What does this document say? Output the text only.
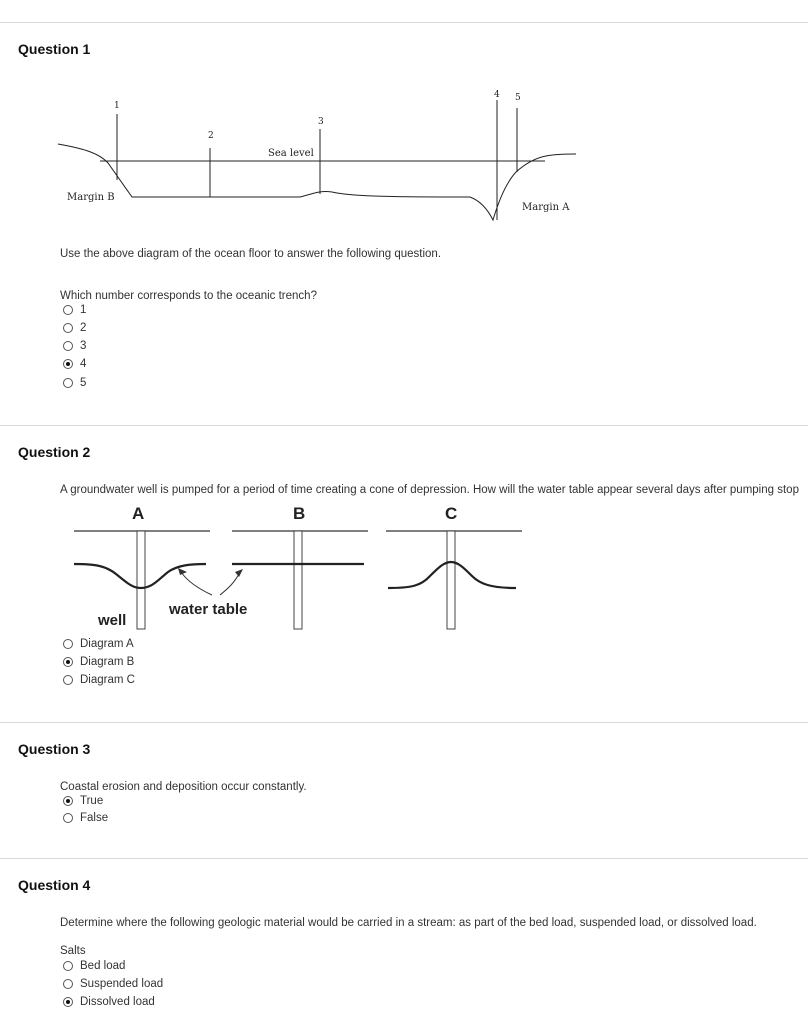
Question 1
1
2
3
4 5
Sea level
Margin B
Margin A
Use the above diagram of the ocean floor to answer the following question.
Which number corresponds to the oceanic trench?
1
2
3
4
5
Question 2
A groundwater well is pumped for a period of time creating a cone of depression. How will the water table appear several days after pumping stop
A	B	C
well
water table
Diagram A
Diagram B
Diagram C
Question 3
Coastal erosion and deposition occur constantly.
True
False
Question 4
Determine where the following geologic material would be carried in a stream: as part of the bed load, suspended load, or dissolved load.
Salts
Bed load
Suspended load
Dissolved load
